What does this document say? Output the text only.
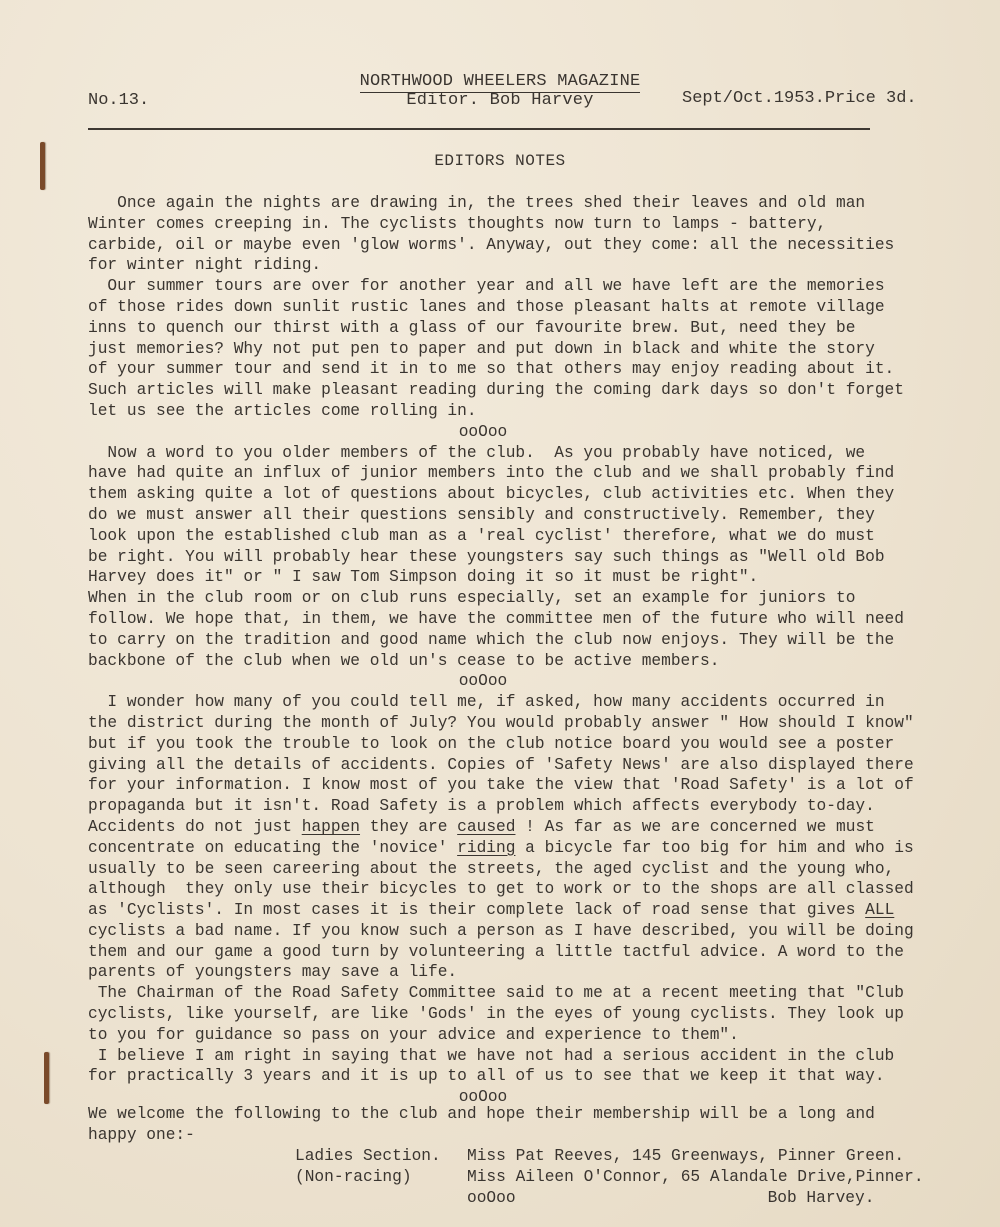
NORTHWOOD WHEELERS MAGAZINE
No.13.	Editor. Bob Harvey	Sept/Oct.1953.Price 3d.
EDITORS NOTES
Once again the nights are drawing in, the trees shed their leaves and old man
Winter comes creeping in. The cyclists thoughts now turn to lamps - battery,
carbide, oil or maybe even 'glow worms'. Anyway, out they come: all the necessities
for winter night riding.
Our summer tours are over for another year and all we have left are the memories
of those rides down sunlit rustic lanes and those pleasant halts at remote village
inns to quench our thirst with a glass of our favourite brew. But, need they be
just memories? Why not put pen to paper and put down in black and white the story
of your summer tour and send it in to me so that others may enjoy reading about it.
Such articles will make pleasant reading during the coming dark days so don't forget
let us see the articles come rolling in.
ooOoo
Now a word to you older members of the club.  As you probably have noticed, we
have had quite an influx of junior members into the club and we shall probably find
them asking quite a lot of questions about bicycles, club activities etc. When they
do we must answer all their questions sensibly and constructively. Remember, they
look upon the established club man as a 'real cyclist' therefore, what we do must
be right. You will probably hear these youngsters say such things as "Well old Bob
Harvey does it" or " I saw Tom Simpson doing it so it must be right".
When in the club room or on club runs especially, set an example for juniors to
follow. We hope that, in them, we have the committee men of the future who will need
to carry on the tradition and good name which the club now enjoys. They will be the
backbone of the club when we old un's cease to be active members.
ooOoo
I wonder how many of you could tell me, if asked, how many accidents occurred in
the district during the month of July? You would probably answer " How should I know"
but if you took the trouble to look on the club notice board you would see a poster
giving all the details of accidents. Copies of 'Safety News' are also displayed there
for your information. I know most of you take the view that 'Road Safety' is a lot of
propaganda but it isn't. Road Safety is a problem which affects everybody to-day.
Accidents do not just happen they are caused ! As far as we are concerned we must
concentrate on educating the 'novice' riding a bicycle far too big for him and who is
usually to be seen careering about the streets, the aged cyclist and the young who,
although  they only use their bicycles to get to work or to the shops are all classed
as 'Cyclists'. In most cases it is their complete lack of road sense that gives ALL
cyclists a bad name. If you know such a person as I have described, you will be doing
them and our game a good turn by volunteering a little tactful advice. A word to the
parents of youngsters may save a life.
The Chairman of the Road Safety Committee said to me at a recent meeting that "Club
cyclists, like yourself, are like 'Gods' in the eyes of young cyclists. They look up
to you for guidance so pass on your advice and experience to them".
I believe I am right in saying that we have not had a serious accident in the club
for practically 3 years and it is up to all of us to see that we keep it that way.
ooOoo
We welcome the following to the club and hope their membership will be a long and
happy one:-
Ladies Section. Miss Pat Reeves, 145 Greenways, Pinner Green.
(Non-racing)	Miss Aileen O'Connor, 65 Alandale Drive,Pinner.
ooOoo	Bob Harvey.
